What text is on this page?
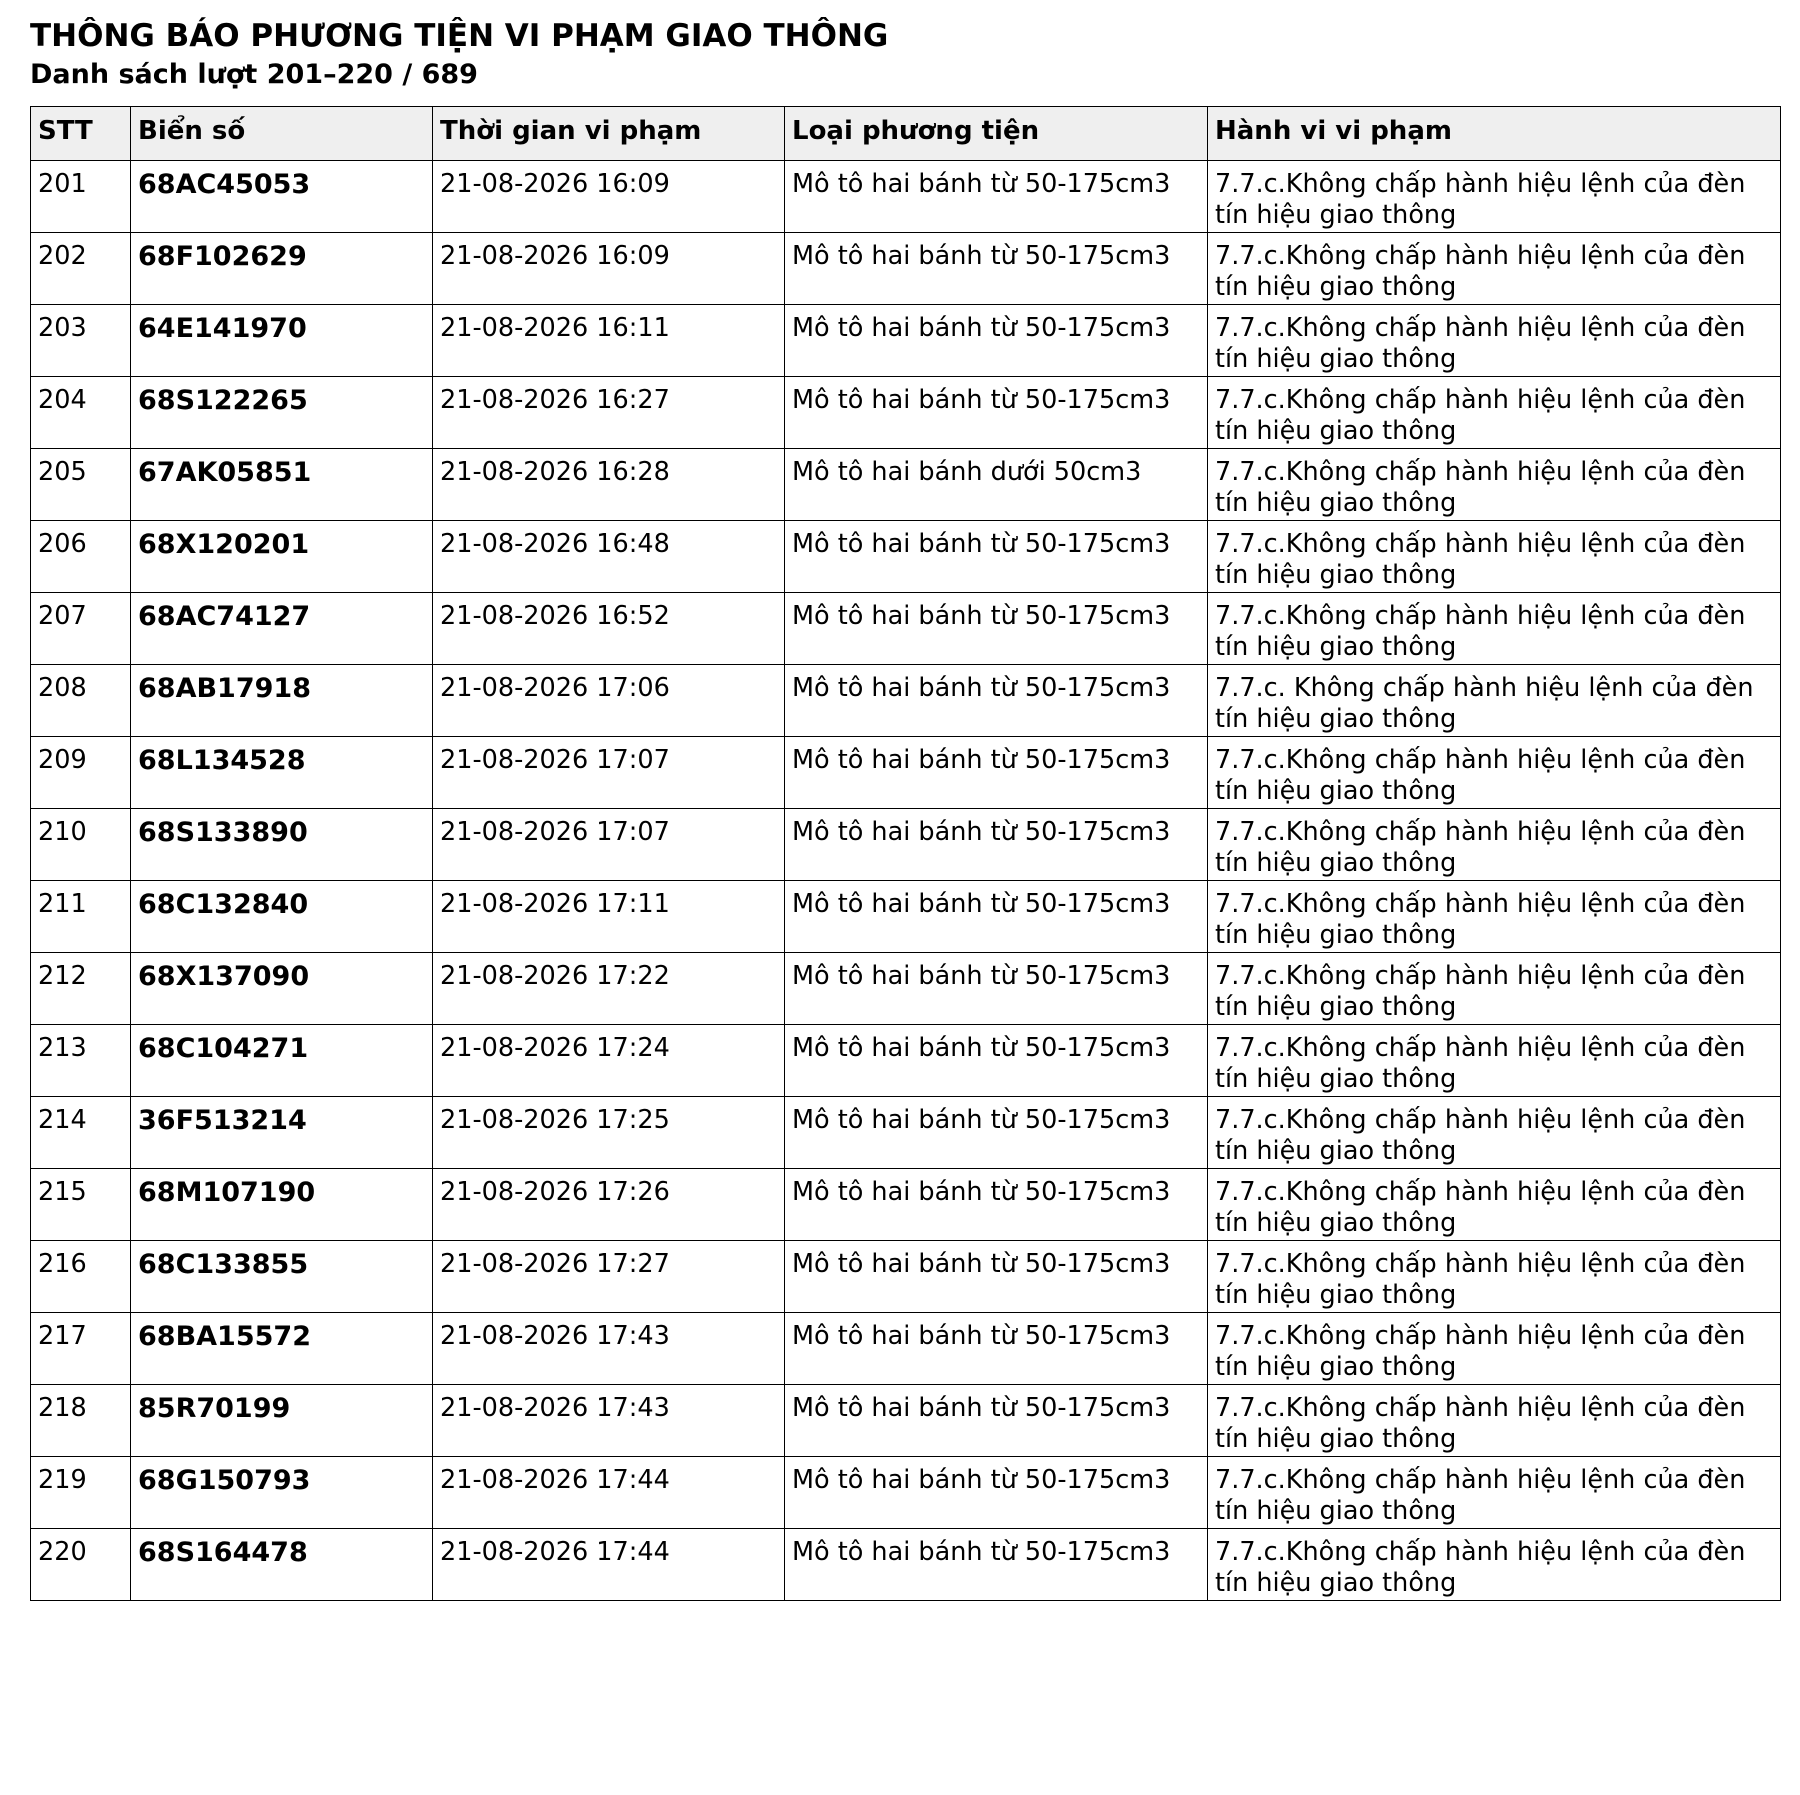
THÔNG BÁO PHƯƠNG TIỆN VI PHẠM GIAO THÔNG
Danh sách lượt 201–220 / 689
STT	Biển số	Thời gian vi phạm	Loại phương tiện	Hành vi vi phạm
201	68AC45053	21-08-2026 16:09	Mô tô hai bánh từ 50-175cm3	7.7.c.Không chấp hành hiệu lệnh của đèn tín hiệu giao thông
202	68F102629	21-08-2026 16:09	Mô tô hai bánh từ 50-175cm3	7.7.c.Không chấp hành hiệu lệnh của đèn tín hiệu giao thông
203	64E141970	21-08-2026 16:11	Mô tô hai bánh từ 50-175cm3	7.7.c.Không chấp hành hiệu lệnh của đèn tín hiệu giao thông
204	68S122265	21-08-2026 16:27	Mô tô hai bánh từ 50-175cm3	7.7.c.Không chấp hành hiệu lệnh của đèn tín hiệu giao thông
205	67AK05851	21-08-2026 16:28	Mô tô hai bánh dưới 50cm3	7.7.c.Không chấp hành hiệu lệnh của đèn tín hiệu giao thông
206	68X120201	21-08-2026 16:48	Mô tô hai bánh từ 50-175cm3	7.7.c.Không chấp hành hiệu lệnh của đèn tín hiệu giao thông
207	68AC74127	21-08-2026 16:52	Mô tô hai bánh từ 50-175cm3	7.7.c.Không chấp hành hiệu lệnh của đèn tín hiệu giao thông
208	68AB17918	21-08-2026 17:06	Mô tô hai bánh từ 50-175cm3	7.7.c. Không chấp hành hiệu lệnh của đèn tín hiệu giao thông
209	68L134528	21-08-2026 17:07	Mô tô hai bánh từ 50-175cm3	7.7.c.Không chấp hành hiệu lệnh của đèn tín hiệu giao thông
210	68S133890	21-08-2026 17:07	Mô tô hai bánh từ 50-175cm3	7.7.c.Không chấp hành hiệu lệnh của đèn tín hiệu giao thông
211	68C132840	21-08-2026 17:11	Mô tô hai bánh từ 50-175cm3	7.7.c.Không chấp hành hiệu lệnh của đèn tín hiệu giao thông
212	68X137090	21-08-2026 17:22	Mô tô hai bánh từ 50-175cm3	7.7.c.Không chấp hành hiệu lệnh của đèn tín hiệu giao thông
213	68C104271	21-08-2026 17:24	Mô tô hai bánh từ 50-175cm3	7.7.c.Không chấp hành hiệu lệnh của đèn tín hiệu giao thông
214	36F513214	21-08-2026 17:25	Mô tô hai bánh từ 50-175cm3	7.7.c.Không chấp hành hiệu lệnh của đèn tín hiệu giao thông
215	68M107190	21-08-2026 17:26	Mô tô hai bánh từ 50-175cm3	7.7.c.Không chấp hành hiệu lệnh của đèn tín hiệu giao thông
216	68C133855	21-08-2026 17:27	Mô tô hai bánh từ 50-175cm3	7.7.c.Không chấp hành hiệu lệnh của đèn tín hiệu giao thông
217	68BA15572	21-08-2026 17:43	Mô tô hai bánh từ 50-175cm3	7.7.c.Không chấp hành hiệu lệnh của đèn tín hiệu giao thông
218	85R70199	21-08-2026 17:43	Mô tô hai bánh từ 50-175cm3	7.7.c.Không chấp hành hiệu lệnh của đèn tín hiệu giao thông
219	68G150793	21-08-2026 17:44	Mô tô hai bánh từ 50-175cm3	7.7.c.Không chấp hành hiệu lệnh của đèn tín hiệu giao thông
220	68S164478	21-08-2026 17:44	Mô tô hai bánh từ 50-175cm3	7.7.c.Không chấp hành hiệu lệnh của đèn tín hiệu giao thông
